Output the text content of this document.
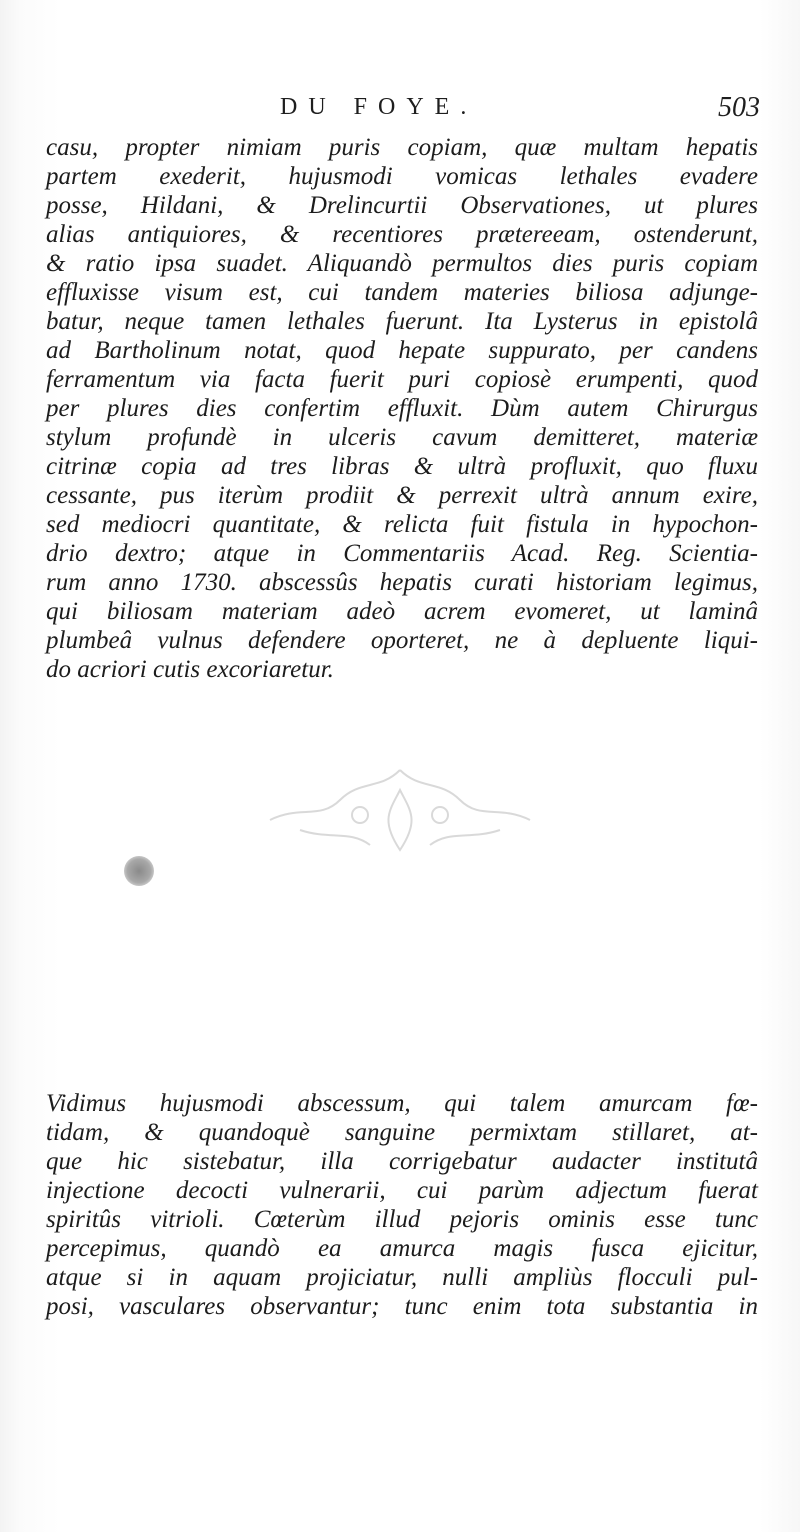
DU FOYE.	503
casu, propter nimiam puris copiam, quæ multam hepatis
partem exederit, hujusmodi vomicas lethales evadere
posse, Hildani, & Drelincurtii Observationes, ut plures
alias antiquiores, & recentiores prætereeam, ostenderunt,
& ratio ipsa suadet. Aliquandò permultos dies puris copiam
effluxisse visum est, cui tandem materies biliosa adjunge-
batur, neque tamen lethales fuerunt. Ita Lysterus in epistolâ
ad Bartholinum notat, quod hepate suppurato, per candens
ferramentum via facta fuerit puri copiosè erumpenti, quod
per plures dies confertim effluxit. Dùm autem Chirurgus
stylum profundè in ulceris cavum demitteret, materiæ
citrinæ copia ad tres libras & ultrà profluxit, quo fluxu
cessante, pus iterùm prodiit & perrexit ultrà annum exire,
sed mediocri quantitate, & relicta fuit fistula in hypochon-
drio dextro; atque in Commentariis Acad. Reg. Scientia-
rum anno 1730. abscessûs hepatis curati historiam legimus,
qui biliosam materiam adeò acrem evomeret, ut laminâ
plumbeâ vulnus defendere oporteret, ne à depluente liqui-
do acriori cutis excoriaretur.
Vidimus hujusmodi abscessum, qui talem amurcam fœ-
tidam, & quandoquè sanguine permixtam stillaret, at-
que hic sistebatur, illa corrigebatur audacter institutâ
injectione decocti vulnerarii, cui parùm adjectum fuerat
spiritûs vitrioli. Cœterùm illud pejoris ominis esse tunc
percepimus, quandò ea amurca magis fusca ejicitur,
atque si in aquam projiciatur, nulli ampliùs flocculi pul-
posi, vasculares observantur; tunc enim tota substantia in
